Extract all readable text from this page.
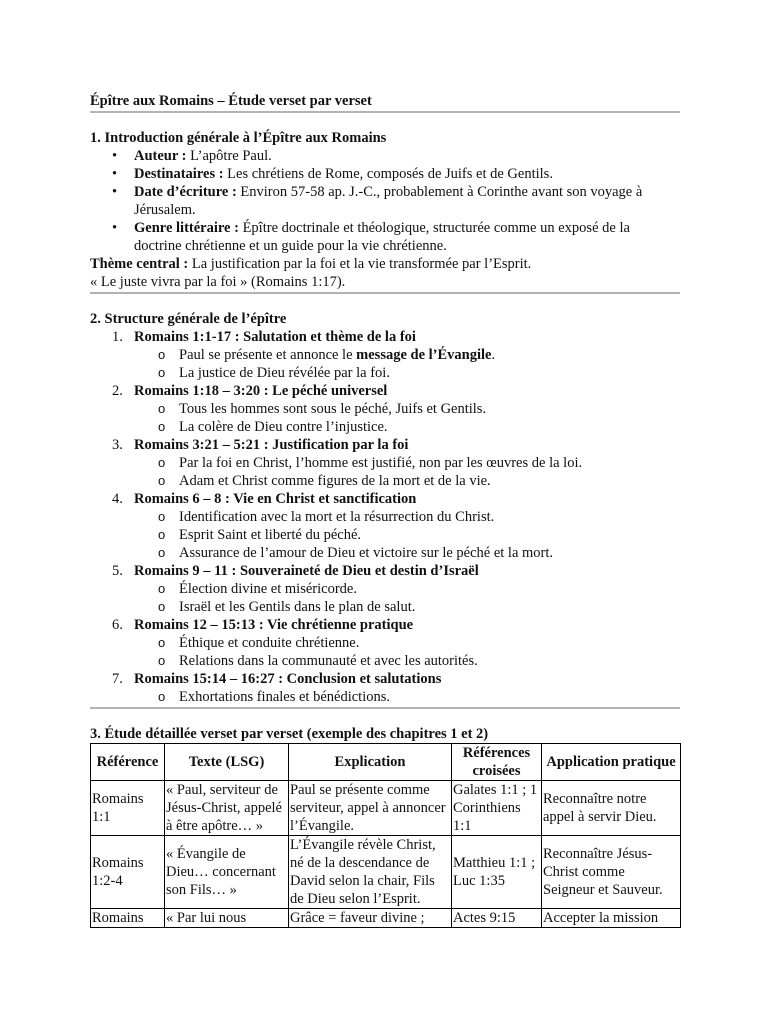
Épître aux Romains – Étude verset par verset
1. Introduction générale à l’Épître aux Romains
• Auteur : L’apôtre Paul.
• Destinataires : Les chrétiens de Rome, composés de Juifs et de Gentils.
• Date d’écriture : Environ 57-58 ap. J.-C., probablement à Corinthe avant son voyage à Jérusalem.
• Genre littéraire : Épître doctrinale et théologique, structurée comme un exposé de la doctrine chrétienne et un guide pour la vie chrétienne.
Thème central : La justification par la foi et la vie transformée par l’Esprit.
« Le juste vivra par la foi » (Romains 1:17).
2. Structure générale de l’épître
1. Romains 1:1-17 : Salutation et thème de la foi
o Paul se présente et annonce le message de l’Évangile.
o La justice de Dieu révélée par la foi.
2. Romains 1:18 – 3:20 : Le péché universel
o Tous les hommes sont sous le péché, Juifs et Gentils.
o La colère de Dieu contre l’injustice.
3. Romains 3:21 – 5:21 : Justification par la foi
o Par la foi en Christ, l’homme est justifié, non par les œuvres de la loi.
o Adam et Christ comme figures de la mort et de la vie.
4. Romains 6 – 8 : Vie en Christ et sanctification
o Identification avec la mort et la résurrection du Christ.
o Esprit Saint et liberté du péché.
o Assurance de l’amour de Dieu et victoire sur le péché et la mort.
5. Romains 9 – 11 : Souveraineté de Dieu et destin d’Israël
o Élection divine et miséricorde.
o Israël et les Gentils dans le plan de salut.
6. Romains 12 – 15:13 : Vie chrétienne pratique
o Éthique et conduite chrétienne.
o Relations dans la communauté et avec les autorités.
7. Romains 15:14 – 16:27 : Conclusion et salutations
o Exhortations finales et bénédictions.
3. Étude détaillée verset par verset (exemple des chapitres 1 et 2)
Référence	Texte (LSG)	Explication	Références croisées	Application pratique
Romains 1:1	« Paul, serviteur de Jésus-Christ, appelé à être apôtre… »	Paul se présente comme serviteur, appel à annoncer l’Évangile.	Galates 1:1 ; 1 Corinthiens 1:1	Reconnaître notre appel à servir Dieu.
Romains 1:2-4	« Évangile de Dieu… concernant son Fils… »	L’Évangile révèle Christ, né de la descendance de David selon la chair, Fils de Dieu selon l’Esprit.	Matthieu 1:1 ; Luc 1:35	Reconnaître Jésus-Christ comme Seigneur et Sauveur.
Romains	« Par lui nous	Grâce = faveur divine ;	Actes 9:15	Accepter la mission
